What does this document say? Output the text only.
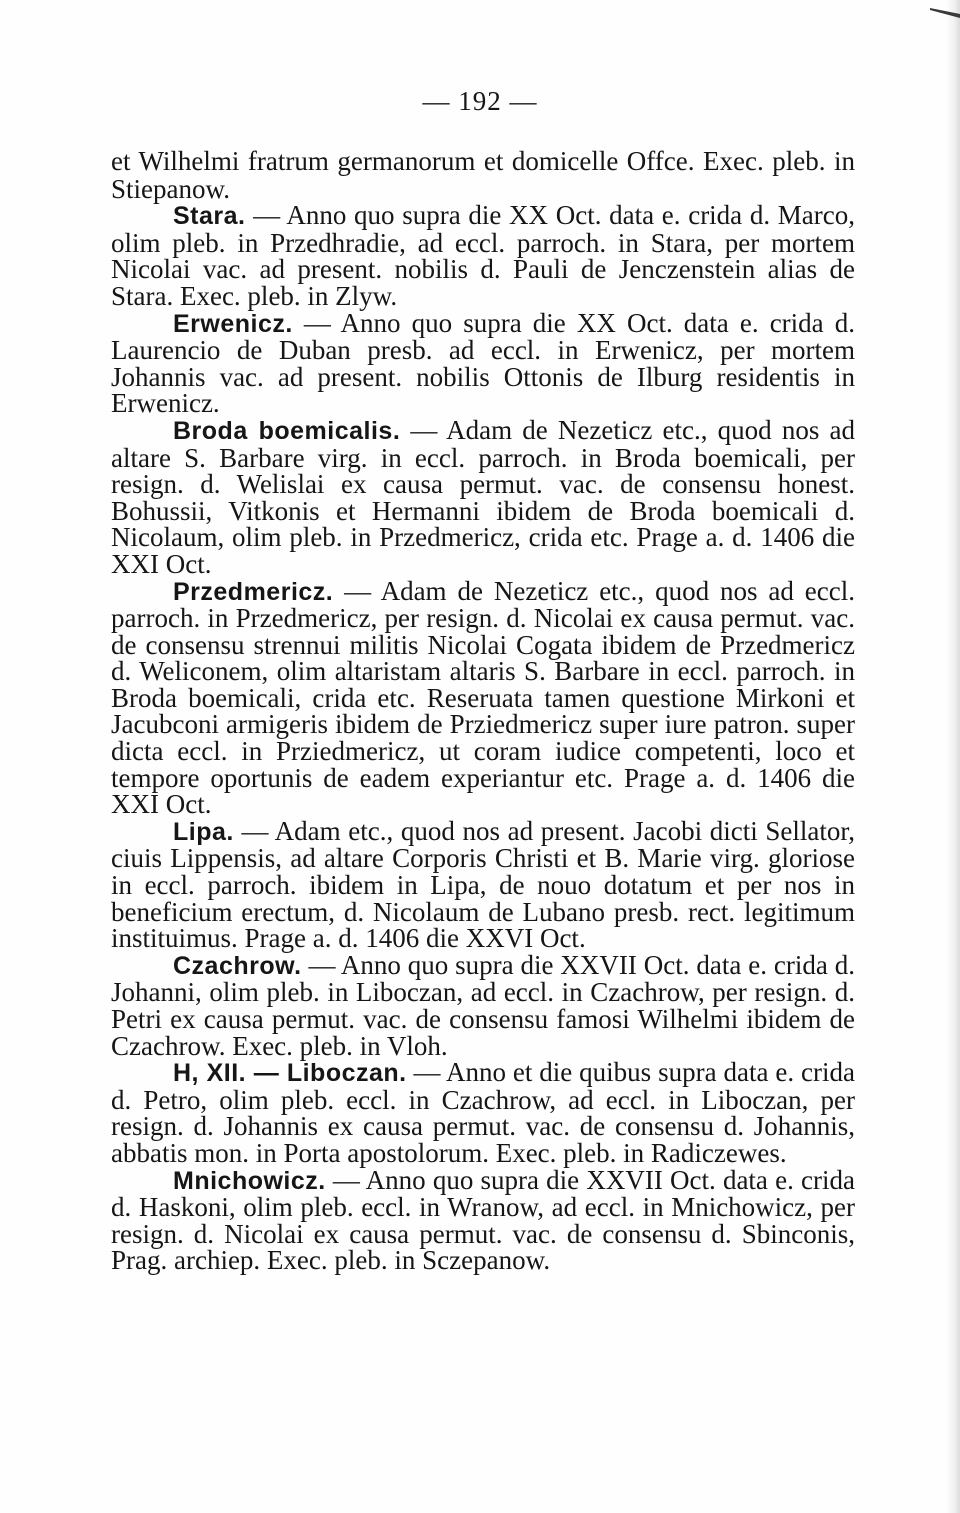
— 192 —

et Wilhelmi fratrum germanorum et domicelle Offce. Exec. pleb. in Stiepanow.

Stara. — Anno quo supra die XX Oct. data e. crida d. Marco, olim pleb. in Przedhradie, ad eccl. parroch. in Stara, per mortem Nicolai vac. ad present. nobilis d. Pauli de Jenczenstein alias de Stara. Exec. pleb. in Zlyw.

Erwenicz. — Anno quo supra die XX Oct. data e. crida d. Laurencio de Duban presb. ad eccl. in Erwenicz, per mortem Johannis vac. ad present. nobilis Ottonis de Ilburg residentis in Erwenicz.

Broda boemicalis. — Adam de Nezeticz etc., quod nos ad altare S. Barbare virg. in eccl. parroch. in Broda boemicali, per resign. d. Welislai ex causa permut. vac. de consensu honest. Bohussii, Vitkonis et Hermanni ibidem de Broda boemicali d. Nicolaum, olim pleb. in Przedmericz, crida etc. Prage a. d. 1406 die XXI Oct.

Przedmericz. — Adam de Nezeticz etc., quod nos ad eccl. parroch. in Przedmericz, per resign. d. Nicolai ex causa permut. vac. de consensu strennui militis Nicolai Cogata ibidem de Przedmericz d. Weliconem, olim altaristam altaris S. Barbare in eccl. parroch. in Broda boemicali, crida etc. Reseruata tamen questione Mirkoni et Jacubconi armigeris ibidem de Prziedmericz super iure patron. super dicta eccl. in Prziedmericz, ut coram iudice competenti, loco et tempore oportunis de eadem experiantur etc. Prage a. d. 1406 die XXI Oct.

Lipa. — Adam etc., quod nos ad present. Jacobi dicti Sellator, ciuis Lippensis, ad altare Corporis Christi et B. Marie virg. gloriose in eccl. parroch. ibidem in Lipa, de nouo dotatum et per nos in beneficium erectum, d. Nicolaum de Lubano presb. rect. legitimum instituimus. Prage a. d. 1406 die XXVI Oct.

Czachrow. — Anno quo supra die XXVII Oct. data e. crida d. Johanni, olim pleb. in Liboczan, ad eccl. in Czachrow, per resign. d. Petri ex causa permut. vac. de consensu famosi Wilhelmi ibidem de Czachrow. Exec. pleb. in Vloh.

H, XII. — Liboczan. — Anno et die quibus supra data e. crida d. Petro, olim pleb. eccl. in Czachrow, ad eccl. in Liboczan, per resign. d. Johannis ex causa permut. vac. de consensu d. Johannis, abbatis mon. in Porta apostolorum. Exec. pleb. in Radiczewes.

Mnichowicz. — Anno quo supra die XXVII Oct. data e. crida d. Haskoni, olim pleb. eccl. in Wranow, ad eccl. in Mnichowicz, per resign. d. Nicolai ex causa permut. vac. de consensu d. Sbinconis, Prag. archiep. Exec. pleb. in Sczepanow.
